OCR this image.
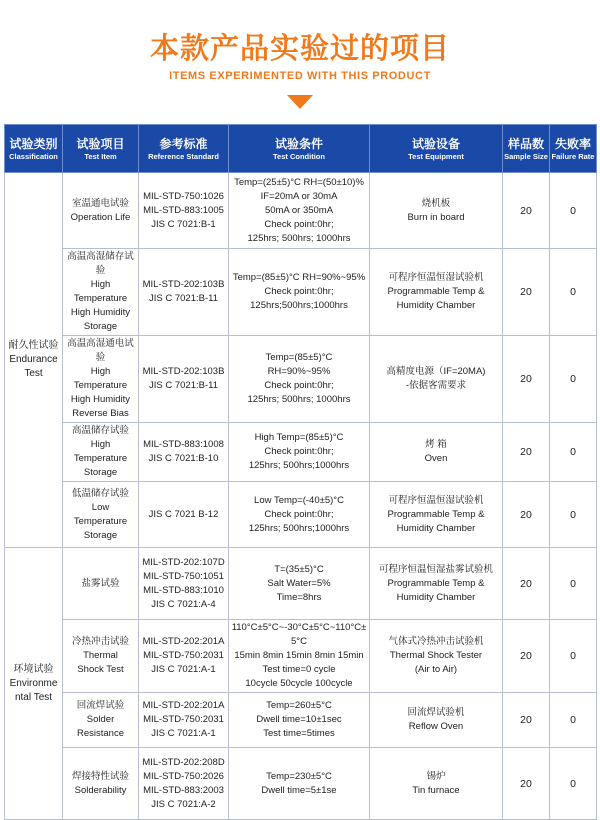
本款产品实验过的项目
ITEMS EXPERIMENTED WITH THIS PRODUCT
试验类别
Classification	试验项目
Test Item	参考标准
Reference Standard	试验条件
Test Condition	试验设备
Test Equipment	样品数
Sample Size	失败率
Failure Rate

耐久性试验
Endurance
Test	室温通电试验
Operation Life	MIL-STD-750:1026
MIL-STD-883:1005
JIS C 7021:B-1	Temp=(25±5)°C RH=(50±10)%
IF=20mA or 30mA
50mA or 350mA
Check point:0hr;
125hrs; 500hrs; 1000hrs	烧机板
Burn in board	20	0

	高温高湿储存试验
High Temperature
High Humidity
Storage	MIL-STD-202:103B
JIS C 7021:B-11	Temp=(85±5)°C RH=90%~95%
Check point:0hr;
125hrs;500hrs;1000hrs	可程序恒温恒湿试验机
Programmable Temp &
Humidity Chamber	20	0

	高温高湿通电试验
High Temperature
High Humidity
Reverse Bias	MIL-STD-202:103B
JIS C 7021:B-11	Temp=(85±5)°C
RH=90%~95%
Check point:0hr;
125hrs; 500hrs; 1000hrs	高精度电源（IF=20MA)
-依据客需要求	20	0

	高温储存试验
High Temperature
Storage	MIL-STD-883:1008
JIS C 7021:B-10	High Temp=(85±5)°C
Check point:0hr;
125hrs; 500hrs;1000hrs	烤 箱
Oven	20	0

	低温储存试验
Low Temperature
Storage	JIS C 7021 B-12	Low Temp=(-40±5)°C
Check point:0hr;
125hrs; 500hrs;1000hrs	可程序恒温恒湿试验机
Programmable Temp &
Humidity Chamber	20	0

环境试验
Environme
ntal Test	盐雾试验	MIL-STD-202:107D
MIL-STD-750:1051
MIL-STD-883:1010
JIS C 7021:A-4	T=(35±5)°C
Salt Water=5%
Time=8hrs	可程序恒温恒湿盐雾试验机
Programmable Temp &
Humidity Chamber	20	0

	冷热冲击试验
Thermal
Shock Test	MIL-STD-202:201A
MIL-STD-750:2031
JIS C 7021:A-1	110°C±5°C~-30°C±5°C~110°C±5°C
15min 8min 15min 8min 15min
Test time=0 cycle
10cycle 50cycle 100cycle	气体式冷热冲击试验机
Thermal Shock Tester
(Air to Air)	20	0

	回流焊试验
Solder Resistance	MIL-STD-202:201A
MIL-STD-750:2031
JIS C 7021:A-1	Temp=260±5°C
Dwell time=10±1sec
Test time=5times	回流焊试验机
Reflow Oven	20	0

	焊接特性试验
Solderability	MIL-STD-202:208D
MIL-STD-750:2026
MIL-STD-883:2003
JIS C 7021:A-2	Temp=230±5°C
Dwell time=5±1se	锡炉
Tin furnace	20	0
